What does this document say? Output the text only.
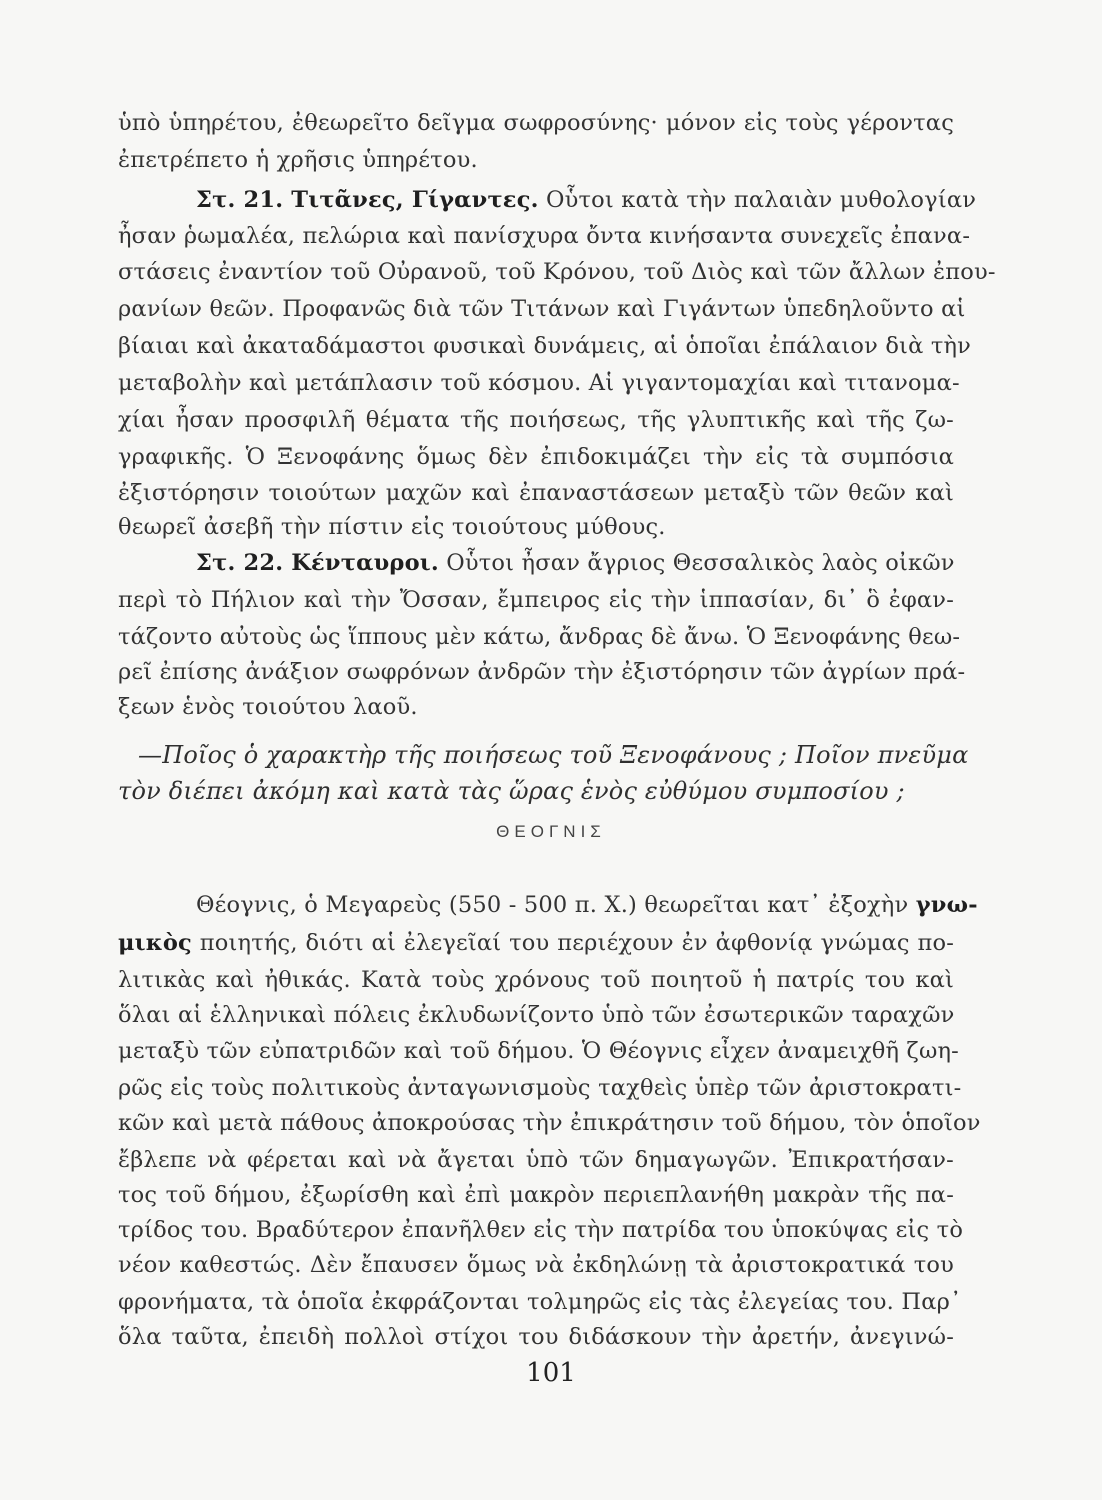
ὑπὸ ὑπηρέτου, ἐθεωρεῖτο δεῖγμα σωφροσύνης· μόνον εἰς τοὺς γέροντας
ἐπετρέπετο ἡ χρῆσις ὑπηρέτου.
Στ. 21. Τιτᾶνες, Γίγαντες. Οὗτοι κατὰ τὴν παλαιὰν μυθολογίαν
ἦσαν ῥωμαλέα, πελώρια καὶ πανίσχυρα ὄντα κινήσαντα συνεχεῖς ἐπανα-
στάσεις ἐναντίον τοῦ Οὐρανοῦ, τοῦ Κρόνου, τοῦ Διὸς καὶ τῶν ἄλλων ἐπου-
ρανίων θεῶν. Προφανῶς διὰ τῶν Τιτάνων καὶ Γιγάντων ὑπεδηλοῦντο αἱ
βίαιαι καὶ ἀκαταδάμαστοι φυσικαὶ δυνάμεις, αἱ ὁποῖαι ἐπάλαιον διὰ τὴν
μεταβολὴν καὶ μετάπλασιν τοῦ κόσμου. Αἱ γιγαντομαχίαι καὶ τιτανομα-
χίαι ἦσαν προσφιλῆ θέματα τῆς ποιήσεως, τῆς γλυπτικῆς καὶ τῆς ζω-
γραφικῆς. Ὁ Ξενοφάνης ὅμως δὲν ἐπιδοκιμάζει τὴν εἰς τὰ συμπόσια
ἐξιστόρησιν τοιούτων μαχῶν καὶ ἐπαναστάσεων μεταξὺ τῶν θεῶν καὶ
θεωρεῖ ἀσεβῆ τὴν πίστιν εἰς τοιούτους μύθους.
Στ. 22. Κένταυροι. Οὗτοι ἦσαν ἄγριος Θεσσαλικὸς λαὸς οἰκῶν
περὶ τὸ Πήλιον καὶ τὴν Ὄσσαν, ἔμπειρος εἰς τὴν ἱππασίαν, δι᾽ ὃ ἐφαν-
τάζοντο αὐτοὺς ὡς ἵππους μὲν κάτω, ἄνδρας δὲ ἄνω. Ὁ Ξενοφάνης θεω-
ρεῖ ἐπίσης ἀνάξιον σωφρόνων ἀνδρῶν τὴν ἐξιστόρησιν τῶν ἀγρίων πρά-
ξεων ἑνὸς τοιούτου λαοῦ.
—Ποῖος ὁ χαρακτὴρ τῆς ποιήσεως τοῦ Ξενοφάνους ; Ποῖον πνεῦμα
τὸν διέπει ἀκόμη καὶ κατὰ τὰς ὥρας ἑνὸς εὐθύμου συμποσίου ;
ΘΕΟΓΝΙΣ
Θέογνις, ὁ Μεγαρεὺς (550 - 500 π. Χ.) θεωρεῖται κατ᾽ ἐξοχὴν γνω-
μικὸς ποιητής, διότι αἱ ἐλεγεῖαί του περιέχουν ἐν ἀφθονίᾳ γνώμας πο-
λιτικὰς καὶ ἠθικάς. Κατὰ τοὺς χρόνους τοῦ ποιητοῦ ἡ πατρίς του καὶ
ὅλαι αἱ ἑλληνικαὶ πόλεις ἐκλυδωνίζοντο ὑπὸ τῶν ἐσωτερικῶν ταραχῶν
μεταξὺ τῶν εὐπατριδῶν καὶ τοῦ δήμου. Ὁ Θέογνις εἶχεν ἀναμειχθῆ ζωη-
ρῶς εἰς τοὺς πολιτικοὺς ἀνταγωνισμοὺς ταχθεὶς ὑπὲρ τῶν ἀριστοκρατι-
κῶν καὶ μετὰ πάθους ἀποκρούσας τὴν ἐπικράτησιν τοῦ δήμου, τὸν ὁποῖον
ἔβλεπε νὰ φέρεται καὶ νὰ ἄγεται ὑπὸ τῶν δημαγωγῶν. Ἐπικρατήσαν-
τος τοῦ δήμου, ἐξωρίσθη καὶ ἐπὶ μακρὸν περιεπλανήθη μακρὰν τῆς πα-
τρίδος του. Βραδύτερον ἐπανῆλθεν εἰς τὴν πατρίδα του ὑποκύψας εἰς τὸ
νέον καθεστώς. Δὲν ἔπαυσεν ὅμως νὰ ἐκδηλώνῃ τὰ ἀριστοκρατικά του
φρονήματα, τὰ ὁποῖα ἐκφράζονται τολμηρῶς εἰς τὰς ἐλεγείας του. Παρ᾽
ὅλα ταῦτα, ἐπειδὴ πολλοὶ στίχοι του διδάσκουν τὴν ἀρετήν, ἀνεγινώ-
101
